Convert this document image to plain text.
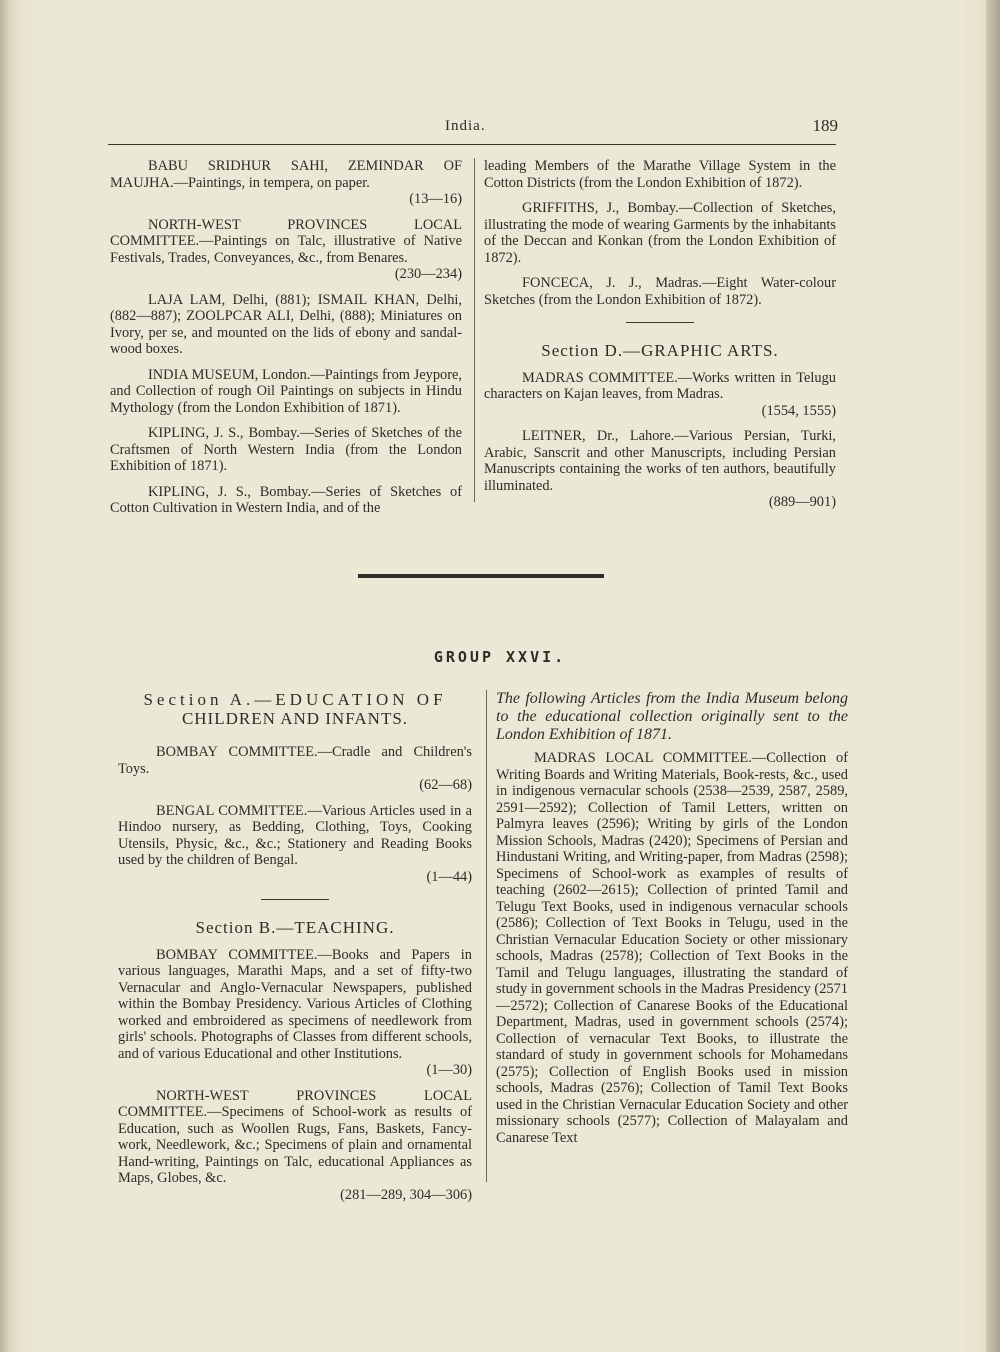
India.	189

BABU SRIDHUR SAHI, ZEMINDAR OF MAUJHA.—Paintings, in tempera, on paper.
(13—16)

NORTH-WEST PROVINCES LOCAL COMMITTEE.—Paintings on Talc, illustrative of Native Festivals, Trades, Conveyances, &c., from Benares.
(230—234)

LAJA LAM, Delhi, (881); ISMAIL KHAN, Delhi, (882—887); ZOOLPCAR ALI, Delhi, (888); Miniatures on Ivory, per se, and mounted on the lids of ebony and sandal-wood boxes.

INDIA MUSEUM, London.—Paintings from Jeypore, and Collection of rough Oil Paintings on subjects in Hindu Mythology (from the London Exhibition of 1871).

KIPLING, J. S., Bombay.—Series of Sketches of the Craftsmen of North Western India (from the London Exhibition of 1871).

KIPLING, J. S., Bombay.—Series of Sketches of Cotton Cultivation in Western India, and of the

leading Members of the Marathe Village System in the Cotton Districts (from the London Exhibition of 1872).

GRIFFITHS, J., Bombay.—Collection of Sketches, illustrating the mode of wearing Garments by the inhabitants of the Deccan and Konkan (from the London Exhibition of 1872).

FONCECA, J. J., Madras.—Eight Water-colour Sketches (from the London Exhibition of 1872).

Section D.—GRAPHIC ARTS.

MADRAS COMMITTEE.—Works written in Telugu characters on Kajan leaves, from Madras.
(1554, 1555)

LEITNER, Dr., Lahore.—Various Persian, Turki, Arabic, Sanscrit and other Manuscripts, including Persian Manuscripts containing the works of ten authors, beautifully illuminated.
(889—901)

GROUP XXVI.

Section A.—EDUCATION OF
CHILDREN AND INFANTS.

BOMBAY COMMITTEE.—Cradle and Children's Toys.
(62—68)

BENGAL COMMITTEE.—Various Articles used in a Hindoo nursery, as Bedding, Clothing, Toys, Cooking Utensils, Physic, &c., &c.; Stationery and Reading Books used by the children of Bengal.
(1—44)

Section B.—TEACHING.

BOMBAY COMMITTEE.—Books and Papers in various languages, Marathi Maps, and a set of fifty-two Vernacular and Anglo-Vernacular Newspapers, published within the Bombay Presidency. Various Articles of Clothing worked and embroidered as specimens of needlework from girls' schools. Photographs of Classes from different schools, and of various Educational and other Institutions.
(1—30)

NORTH-WEST PROVINCES LOCAL COMMITTEE.—Specimens of School-work as results of Education, such as Woollen Rugs, Fans, Baskets, Fancy-work, Needlework, &c.; Specimens of plain and ornamental Hand-writing, Paintings on Talc, educational Appliances as Maps, Globes, &c.
(281—289, 304—306)

The following Articles from the India Museum belong to the educational collection originally sent to the London Exhibition of 1871.

MADRAS LOCAL COMMITTEE.—Collection of Writing Boards and Writing Materials, Book-rests, &c., used in indigenous vernacular schools (2538—2539, 2587, 2589, 2591—2592); Collection of Tamil Letters, written on Palmyra leaves (2596); Writing by girls of the London Mission Schools, Madras (2420); Specimens of Persian and Hindustani Writing, and Writing-paper, from Madras (2598); Specimens of School-work as examples of results of teaching (2602—2615); Collection of printed Tamil and Telugu Text Books, used in indigenous vernacular schools (2586); Collection of Text Books in Telugu, used in the Christian Vernacular Education Society or other missionary schools, Madras (2578); Collection of Text Books in the Tamil and Telugu languages, illustrating the standard of study in government schools in the Madras Presidency (2571—2572); Collection of Canarese Books of the Educational Department, Madras, used in government schools (2574); Collection of vernacular Text Books, to illustrate the standard of study in government schools for Mohamedans (2575); Collection of English Books used in mission schools, Madras (2576); Collection of Tamil Text Books used in the Christian Vernacular Education Society and other missionary schools (2577); Collection of Malayalam and Canarese Text
